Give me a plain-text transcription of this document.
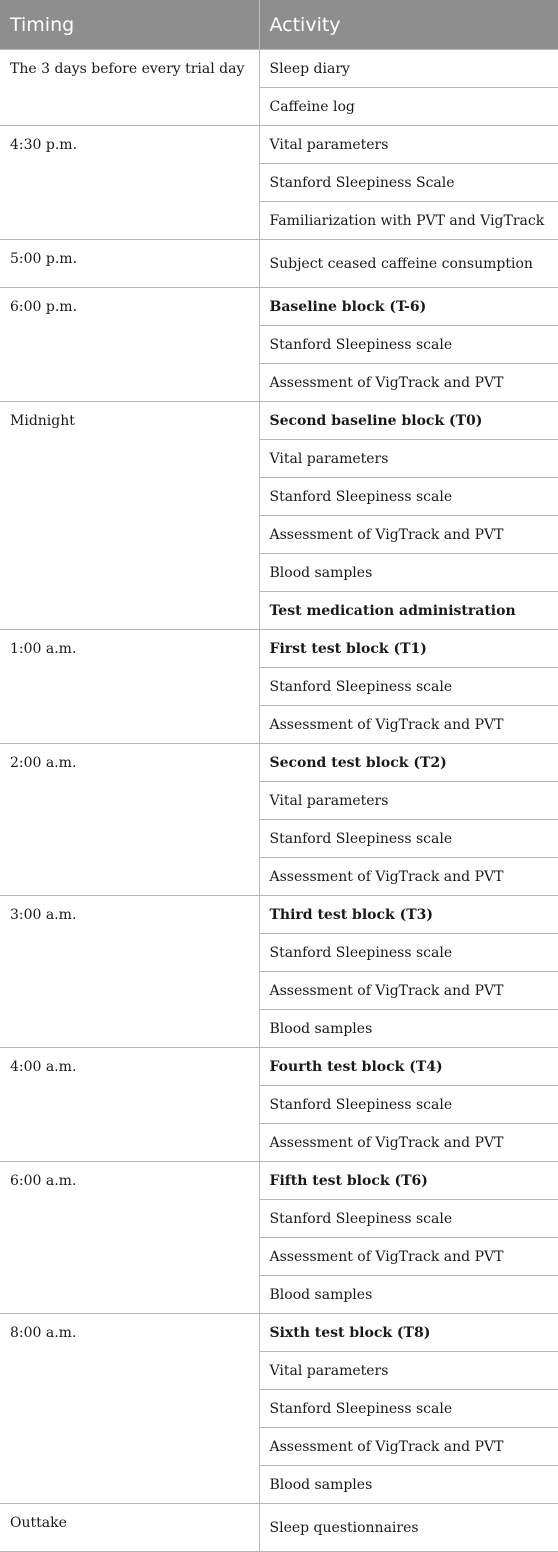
Timing	Activity
The 3 days before every trial day	Sleep diary
	Caffeine log
4:30 p.m.	Vital parameters
	Stanford Sleepiness Scale
	Familiarization with PVT and VigTrack
5:00 p.m.	Subject ceased caffeine consumption
6:00 p.m.	Baseline block (T-6)
	Stanford Sleepiness scale
	Assessment of VigTrack and PVT
Midnight	Second baseline block (T0)
	Vital parameters
	Stanford Sleepiness scale
	Assessment of VigTrack and PVT
	Blood samples
	Test medication administration
1:00 a.m.	First test block (T1)
	Stanford Sleepiness scale
	Assessment of VigTrack and PVT
2:00 a.m.	Second test block (T2)
	Vital parameters
	Stanford Sleepiness scale
	Assessment of VigTrack and PVT
3:00 a.m.	Third test block (T3)
	Stanford Sleepiness scale
	Assessment of VigTrack and PVT
	Blood samples
4:00 a.m.	Fourth test block (T4)
	Stanford Sleepiness scale
	Assessment of VigTrack and PVT
6:00 a.m.	Fifth test block (T6)
	Stanford Sleepiness scale
	Assessment of VigTrack and PVT
	Blood samples
8:00 a.m.	Sixth test block (T8)
	Vital parameters
	Stanford Sleepiness scale
	Assessment of VigTrack and PVT
	Blood samples
Outtake	Sleep questionnaires
